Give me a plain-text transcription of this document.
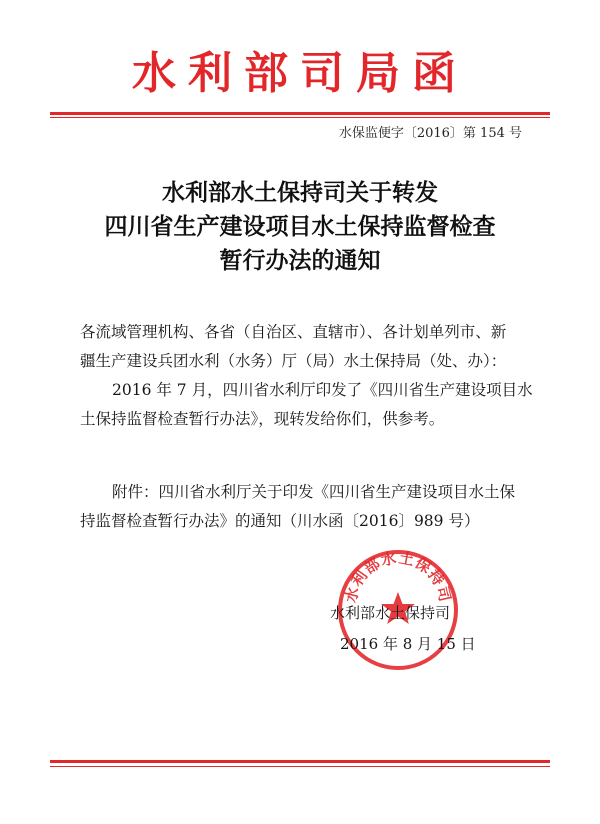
水利部司局函
水保监便字〔2016〕第 154 号
水利部水土保持司关于转发
四川省生产建设项目水土保持监督检查
暂行办法的通知
各流域管理机构、各省（自治区、直辖市）、各计划单列市、新
疆生产建设兵团水利（水务）厅（局）水土保持局（处、办）：
2016 年 7 月，四川省水利厅印发了《四川省生产建设项目水
土保持监督检查暂行办法》，现转发给你们，供参考。
附件：四川省水利厅关于印发《四川省生产建设项目水土保
持监督检查暂行办法》的通知（川水函〔2016〕989 号）
水利部水土保持司
水利部水土保持司
2016 年 8 月 15 日
